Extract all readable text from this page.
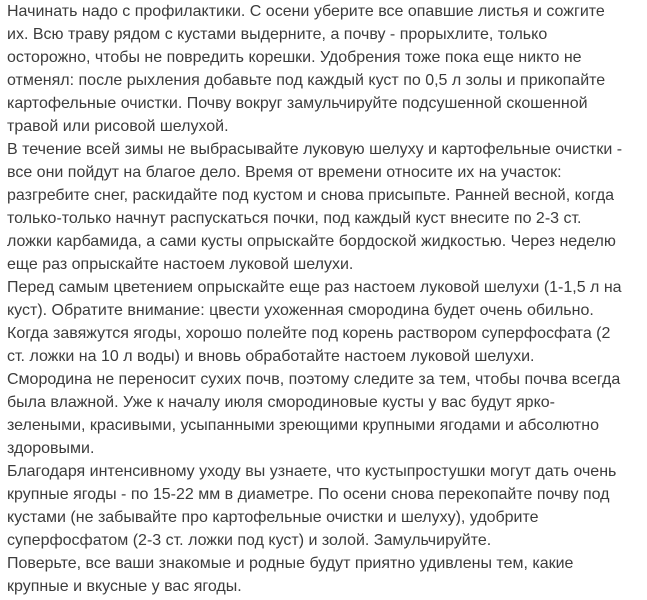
Начинать надо с профилактики. С осени уберите все опавшие листья и сожгите
их. Всю траву рядом с кустами выдерните, а почву - прорыхлите, только
осторожно, чтобы не повредить корешки. Удобрения тоже пока еще никто не
отменял: после рыхления добавьте под каждый куст по 0,5 л золы и прикопайте
картофельные очистки. Почву вокруг замульчируйте подсушенной скошенной
травой или рисовой шелухой.

В течение всей зимы не выбрасывайте луковую шелуху и картофельные очистки -
все они пойдут на благое дело. Время от времени относите их на участок:
разгребите снег, раскидайте под кустом и снова присыпьте. Ранней весной, когда
только-только начнут распускаться почки, под каждый куст внесите по 2-3 ст.
ложки карбамида, а сами кусты опрыскайте бордоской жидкостью. Через неделю
еще раз опрыскайте настоем луковой шелухи.

Перед самым цветением опрыскайте еще раз настоем луковой шелухи (1-1,5 л на
куст). Обратите внимание: цвести ухоженная смородина будет очень обильно.
Когда завяжутся ягоды, хорошо полейте под корень раствором суперфосфата (2
ст. ложки на 10 л воды) и вновь обработайте настоем луковой шелухи.

Смородина не переносит сухих почв, поэтому следите за тем, чтобы почва всегда
была влажной. Уже к началу июля смородиновые кусты у вас будут ярко-
зелеными, красивыми, усыпанными зреющими крупными ягодами и абсолютно
здоровыми.

Благодаря интенсивному уходу вы узнаете, что кустыпростушки могут дать очень
крупные ягоды - по 15-22 мм в диаметре. По осени снова перекопайте почву под
кустами (не забывайте про картофельные очистки и шелуху), удобрите
суперфосфатом (2-3 ст. ложки под куст) и золой. Замульчируйте.

Поверьте, все ваши знакомые и родные будут приятно удивлены тем, какие
крупные и вкусные у вас ягоды.
